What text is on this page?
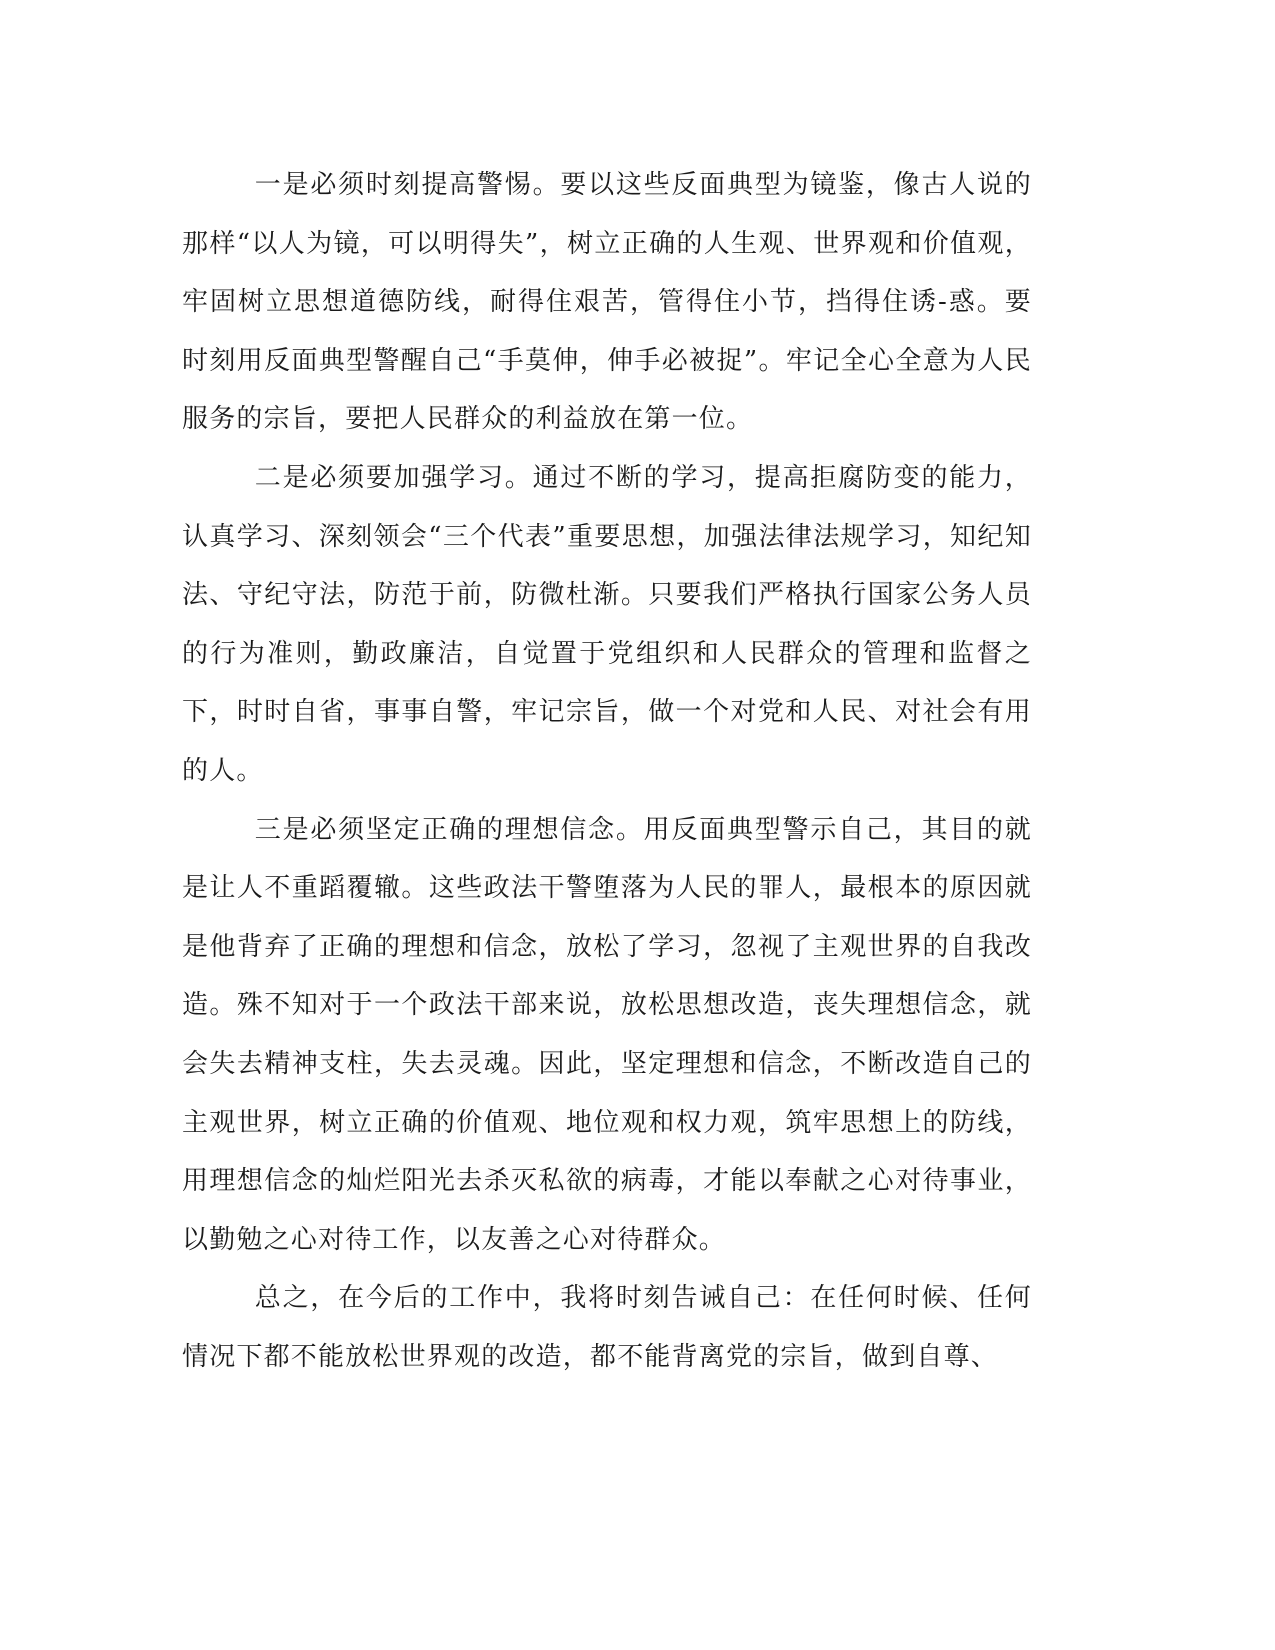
一是必须时刻提高警惕。要以这些反面典型为镜鉴，像古人说的那样“以人为镜，可以明得失”，树立正确的人生观、世界观和价值观，牢固树立思想道德防线，耐得住艰苦，管得住小节，挡得住诱-惑。要时刻用反面典型警醒自己“手莫伸，伸手必被捉”。牢记全心全意为人民服务的宗旨，要把人民群众的利益放在第一位。

二是必须要加强学习。通过不断的学习，提高拒腐防变的能力，认真学习、深刻领会“三个代表”重要思想，加强法律法规学习，知纪知法、守纪守法，防范于前，防微杜渐。只要我们严格执行国家公务人员的行为准则，勤政廉洁，自觉置于党组织和人民群众的管理和监督之下，时时自省，事事自警，牢记宗旨，做一个对党和人民、对社会有用的人。

三是必须坚定正确的理想信念。用反面典型警示自己，其目的就是让人不重蹈覆辙。这些政法干警堕落为人民的罪人，最根本的原因就是他背弃了正确的理想和信念，放松了学习，忽视了主观世界的自我改造。殊不知对于一个政法干部来说，放松思想改造，丧失理想信念，就会失去精神支柱，失去灵魂。因此，坚定理想和信念，不断改造自己的主观世界，树立正确的价值观、地位观和权力观，筑牢思想上的防线，用理想信念的灿烂阳光去杀灭私欲的病毒，才能以奉献之心对待事业，以勤勉之心对待工作，以友善之心对待群众。

总之，在今后的工作中，我将时刻告诫自己：在任何时候、任何情况下都不能放松世界观的改造，都不能背离党的宗旨，做到自尊、
